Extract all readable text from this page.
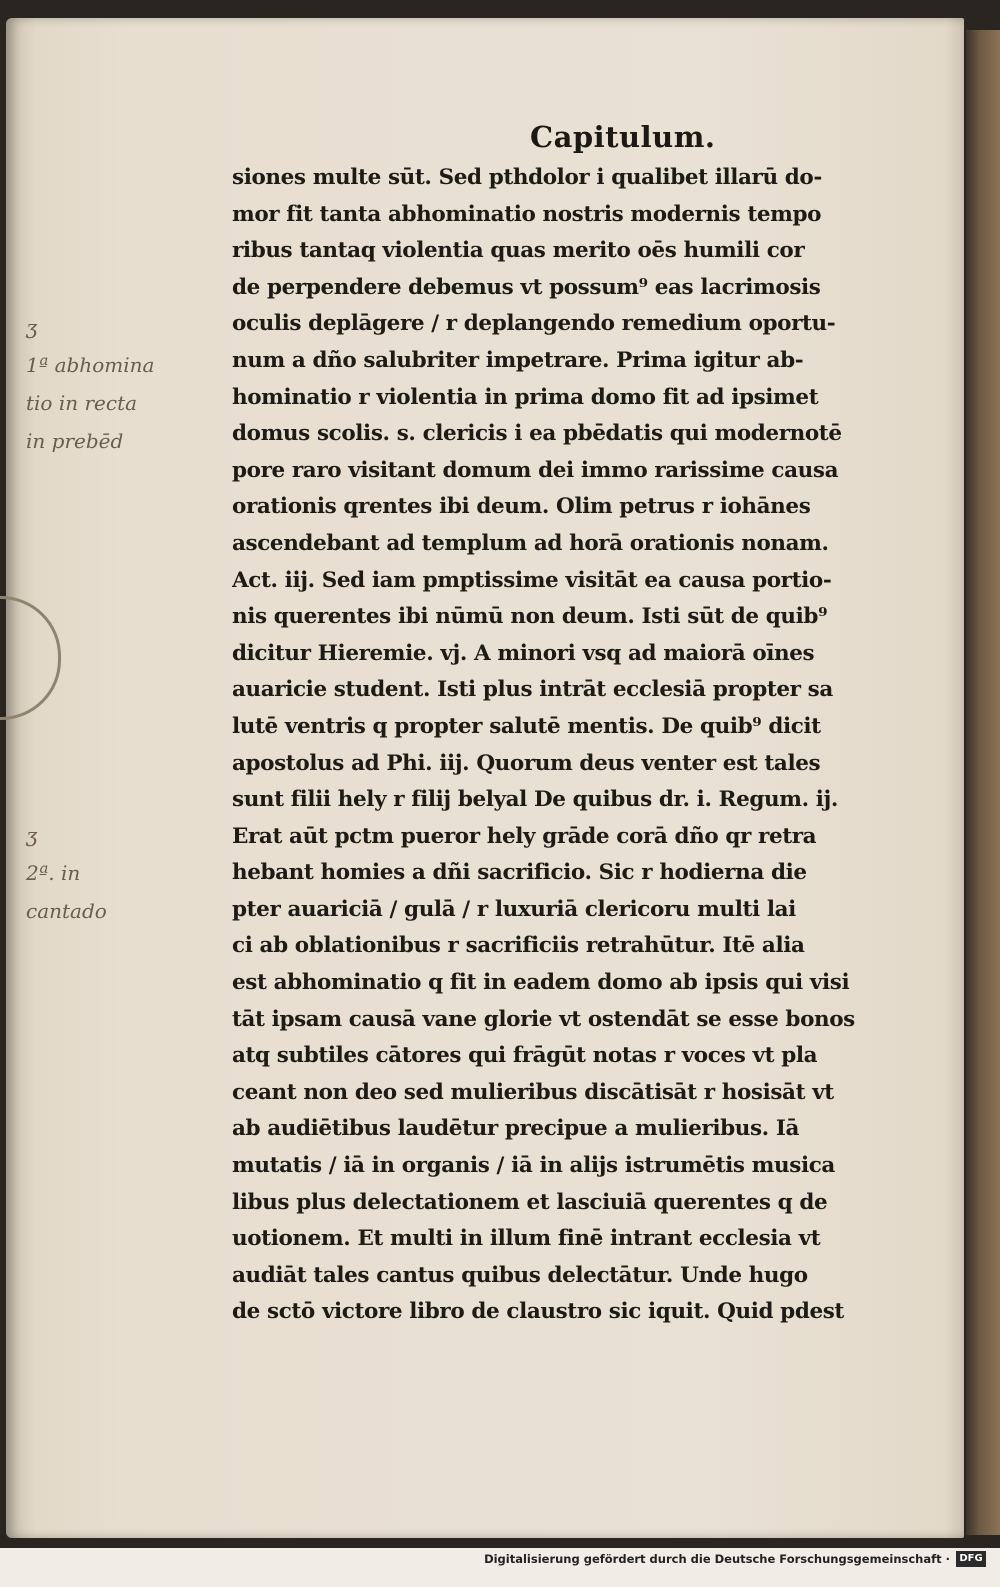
Capitulum.
siones multe sūt. Sed pthdolor i qualibet illarū do-
mor fit tanta abhominatio nostris modernis tempo
ribus tantaq violentia quas merito oēs humili cor
de perpendere debemus vt possum⁹ eas lacrimosis
oculis deplāgere / r deplangendo remedium oportu-
num a dño salubriter impetrare. Prima igitur ab-
hominatio r violentia in prima domo fit ad ipsimet
domus scolis. s. clericis i ea pbēdatis qui modernotē
pore raro visitant domum dei immo rarissime causa
orationis qrentes ibi deum. Olim petrus r iohānes
ascendebant ad templum ad horā orationis nonam.
Act. iij. Sed iam pmptissime visitāt ea causa portio-
nis querentes ibi nūmū non deum. Isti sūt de quib⁹
dicitur Hieremie. vj. A minori vsq ad maiorā oīnes
auaricie student. Isti plus intrāt ecclesiā propter sa
lutē ventris q propter salutē mentis. De quib⁹ dicit
apostolus ad Phi. iij. Quorum deus venter est tales
sunt filii hely r filij belyal De quibus dr. i. Regum. ij.
Erat aūt pctm pueror hely grāde corā dño qr retra
hebant homies a dñi sacrificio. Sic r hodierna die
pter auariciā / gulā / r luxuriā clericoru multi lai
ci ab oblationibus r sacrificiis retrahūtur. Itē alia
est abhominatio q fit in eadem domo ab ipsis qui visi
tāt ipsam causā vane glorie vt ostendāt se esse bonos
atq subtiles cātores qui frāgūt notas r voces vt pla
ceant non deo sed mulieribus discātisāt r hosisāt vt
ab audiētibus laudētur precipue a mulieribus. Iā
mutatis / iā in organis / iā in alijs istrumētis musica
libus plus delectationem et lasciuiā querentes q de
uotionem. Et multi in illum finē intrant ecclesia vt
audiāt tales cantus quibus delectātur. Unde hugo
de sctō victore libro de claustro sic iquit. Quid pdest
ʒ
1ª abhomina
tio in recta
in prebēd
ʒ
2ª. in
cantado
Digitalisierung gefördert durch die Deutsche Forschungsgemeinschaft · DFG
